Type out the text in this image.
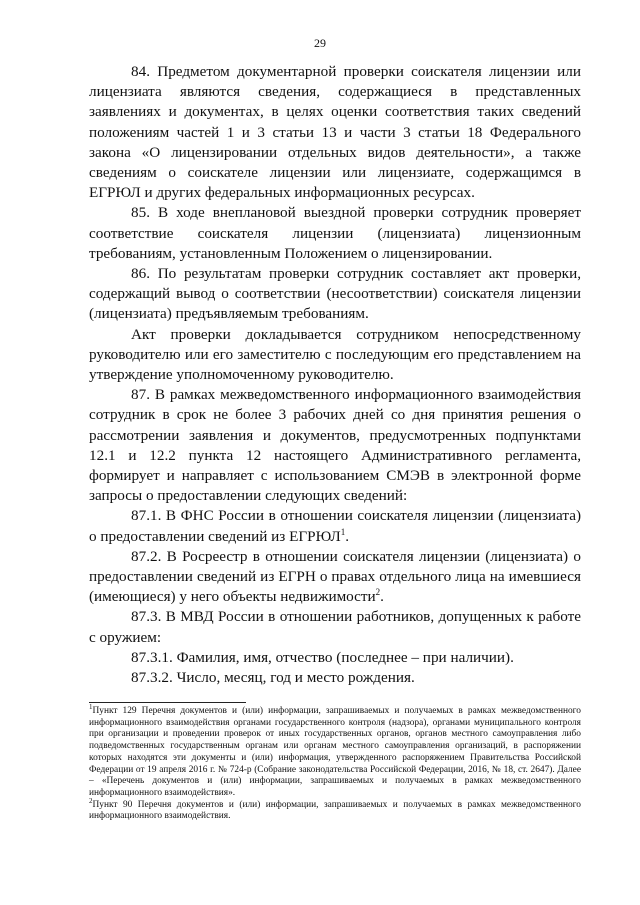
29

84. Предметом документарной проверки соискателя лицензии или лицензиата являются сведения, содержащиеся в представленных заявлениях и документах, в целях оценки соответствия таких сведений положениям частей 1 и 3 статьи 13 и части 3 статьи 18 Федерального закона «О лицензировании отдельных видов деятельности», а также сведениям о соискателе лицензии или лицензиате, содержащимся в ЕГРЮЛ и других федеральных информационных ресурсах.

85. В ходе внеплановой выездной проверки сотрудник проверяет соответствие соискателя лицензии (лицензиата) лицензионным требованиям, установленным Положением о лицензировании.

86. По результатам проверки сотрудник составляет акт проверки, содержащий вывод о соответствии (несоответствии) соискателя лицензии (лицензиата) предъявляемым требованиям.

Акт проверки докладывается сотрудником непосредственному руководителю или его заместителю с последующим его представлением на утверждение уполномоченному руководителю.

87. В рамках межведомственного информационного взаимодействия сотрудник в срок не более 3 рабочих дней со дня принятия решения о рассмотрении заявления и документов, предусмотренных подпунктами 12.1 и 12.2 пункта 12 настоящего Административного регламента, формирует и направляет с использованием СМЭВ в электронной форме запросы о предоставлении следующих сведений:

87.1. В ФНС России в отношении соискателя лицензии (лицензиата) о предоставлении сведений из ЕГРЮЛ$^1$.

87.2. В Росреестр в отношении соискателя лицензии (лицензиата) о предоставлении сведений из ЕГРН о правах отдельного лица на имевшиеся (имеющиеся) у него объекты недвижимости$^2$.

87.3. В МВД России в отношении работников, допущенных к работе с оружием:

87.3.1. Фамилия, имя, отчество (последнее – при наличии).

87.3.2. Число, месяц, год и место рождения.

$^1$Пункт 129 Перечня документов и (или) информации, запрашиваемых и получаемых в рамках межведомственного информационного взаимодействия органами государственного контроля (надзора), органами муниципального контроля при организации и проведении проверок от иных государственных органов, органов местного самоуправления либо подведомственных государственным органам или органам местного самоуправления организаций, в распоряжении которых находятся эти документы и (или) информация, утвержденного распоряжением Правительства Российской Федерации от 19 апреля 2016 г. № 724-р (Собрание законодательства Российской Федерации, 2016, № 18, ст. 2647). Далее – «Перечень документов и (или) информации, запрашиваемых и получаемых в рамках межведомственного информационного взаимодействия».

$^2$Пункт 90 Перечня документов и (или) информации, запрашиваемых и получаемых в рамках межведомственного информационного взаимодействия.
